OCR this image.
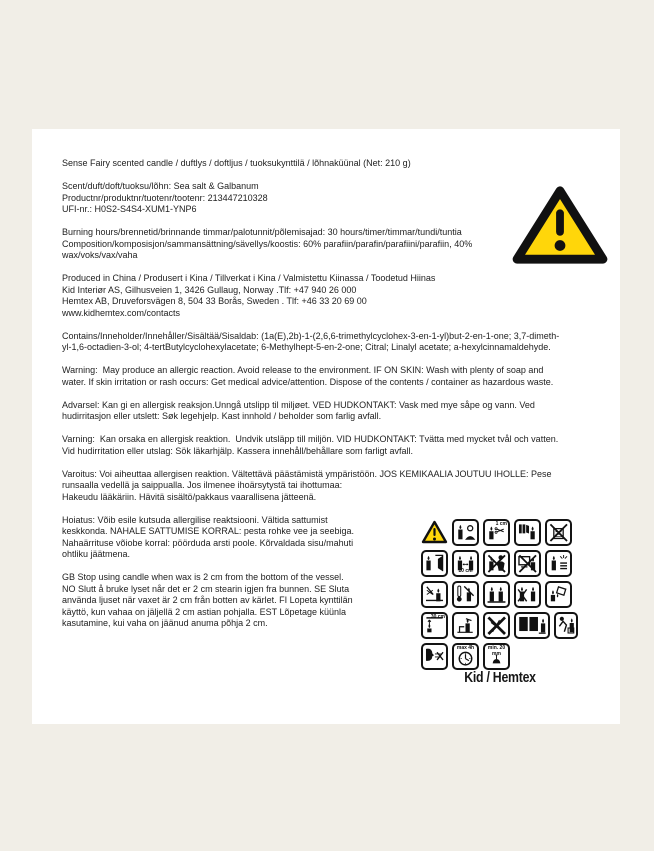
Sense Fairy scented candle / duftlys / doftljus / tuoksukynttilä / lõhnaküünal (Net: 210 g)
Scent/duft/doft/tuoksu/lõhn: Sea salt & Galbanum
Productnr/produktnr/tuotenr/tootenr: 213447210328
UFI-nr.: H0S2-S4S4-XUM1-YNP6
Burning hours/brennetid/brinnande timmar/palotunnit/põlemisajad: 30 hours/timer/timmar/tundi/tuntia
Composition/komposisjon/sammansättning/sävellys/koostis: 60% parafiin/parafin/parafiini/parafiin, 40%
wax/voks/vax/vaha
Produced in China / Produsert i Kina / Tillverkat i Kina / Valmistettu Kiinassa / Toodetud Hiinas
Kid Interiør AS, Gilhusveien 1, 3426 Gullaug, Norway .Tlf: +47 940 26 000
Hemtex AB, Druveforsvägen 8, 504 33 Borås, Sweden . Tlf: +46 33 20 69 00
www.kidhemtex.com/contacts
Contains/Inneholder/Innehåller/Sisältää/Sisaldab: (1a(E),2b)-1-(2,6,6-trimethylcyclohex-3-en-1-yl)but-2-en-1-one; 3,7-dimeth-
yl-1,6-octadien-3-ol; 4-tertButylcyclohexylacetate; 6-Methylhept-5-en-2-one; Citral; Linalyl acetate; a-hexylcinnamaldehyde.
Warning:  May produce an allergic reaction. Avoid release to the environment. IF ON SKIN: Wash with plenty of soap and
water. If skin irritation or rash occurs: Get medical advice/attention. Dispose of the contents / container as hazardous waste.
Advarsel: Kan gi en allergisk reaksjon.Unngå utslipp til miljøet. VED HUDKONTAKT: Vask med mye såpe og vann. Ved
hudirritasjon eller utslett: Søk legehjelp. Kast innhold / beholder som farlig avfall.
Varning:  Kan orsaka en allergisk reaktion.  Undvik utsläpp till miljön. VID HUDKONTAKT: Tvätta med mycket tvål och vatten.
Vid hudirritation eller utslag: Sök läkarhjälp. Kassera innehåll/behållare som farligt avfall.
Varoitus: Voi aiheuttaa allergisen reaktion. Vältettävä päästämistä ympäristöön. JOS KEMIKAALIA JOUTUU IHOLLE: Pese
runsaalla vedellä ja saippualla. Jos ilmenee ihoärsytystä tai ihottumaa:
Hakeudu lääkäriin. Hävitä sisältö/pakkaus vaarallisena jätteenä.
Hoiatus: Võib esile kutsuda allergilise reaktsiooni. Vältida sattumist
keskkonda. NAHALE SATTUMISE KORRAL: pesta rohke vee ja seebiga.
Nahaärrituse võiobe korral: pöörduda arsti poole. Kõrvaldada sisu/mahuti
ohtliku jäätmena.
GB Stop using candle when wax is 2 cm from the bottom of the vessel.
NO Slutt å bruke lyset når det er 2 cm stearin igjen fra bunnen. SE Sluta
använda ljuset när vaxet är 2 cm från botten av kärlet. FI Lopeta kynttilän
käyttö, kun vahaa on jäljellä 2 cm astian pohjalla. EST Lõpetage küünla
kasutamine, kui vaha on jäänud anuma põhja 2 cm.
1 cm
10 cm
30 cm
max 4h	min. 20 mm
Kid / Hemtex
